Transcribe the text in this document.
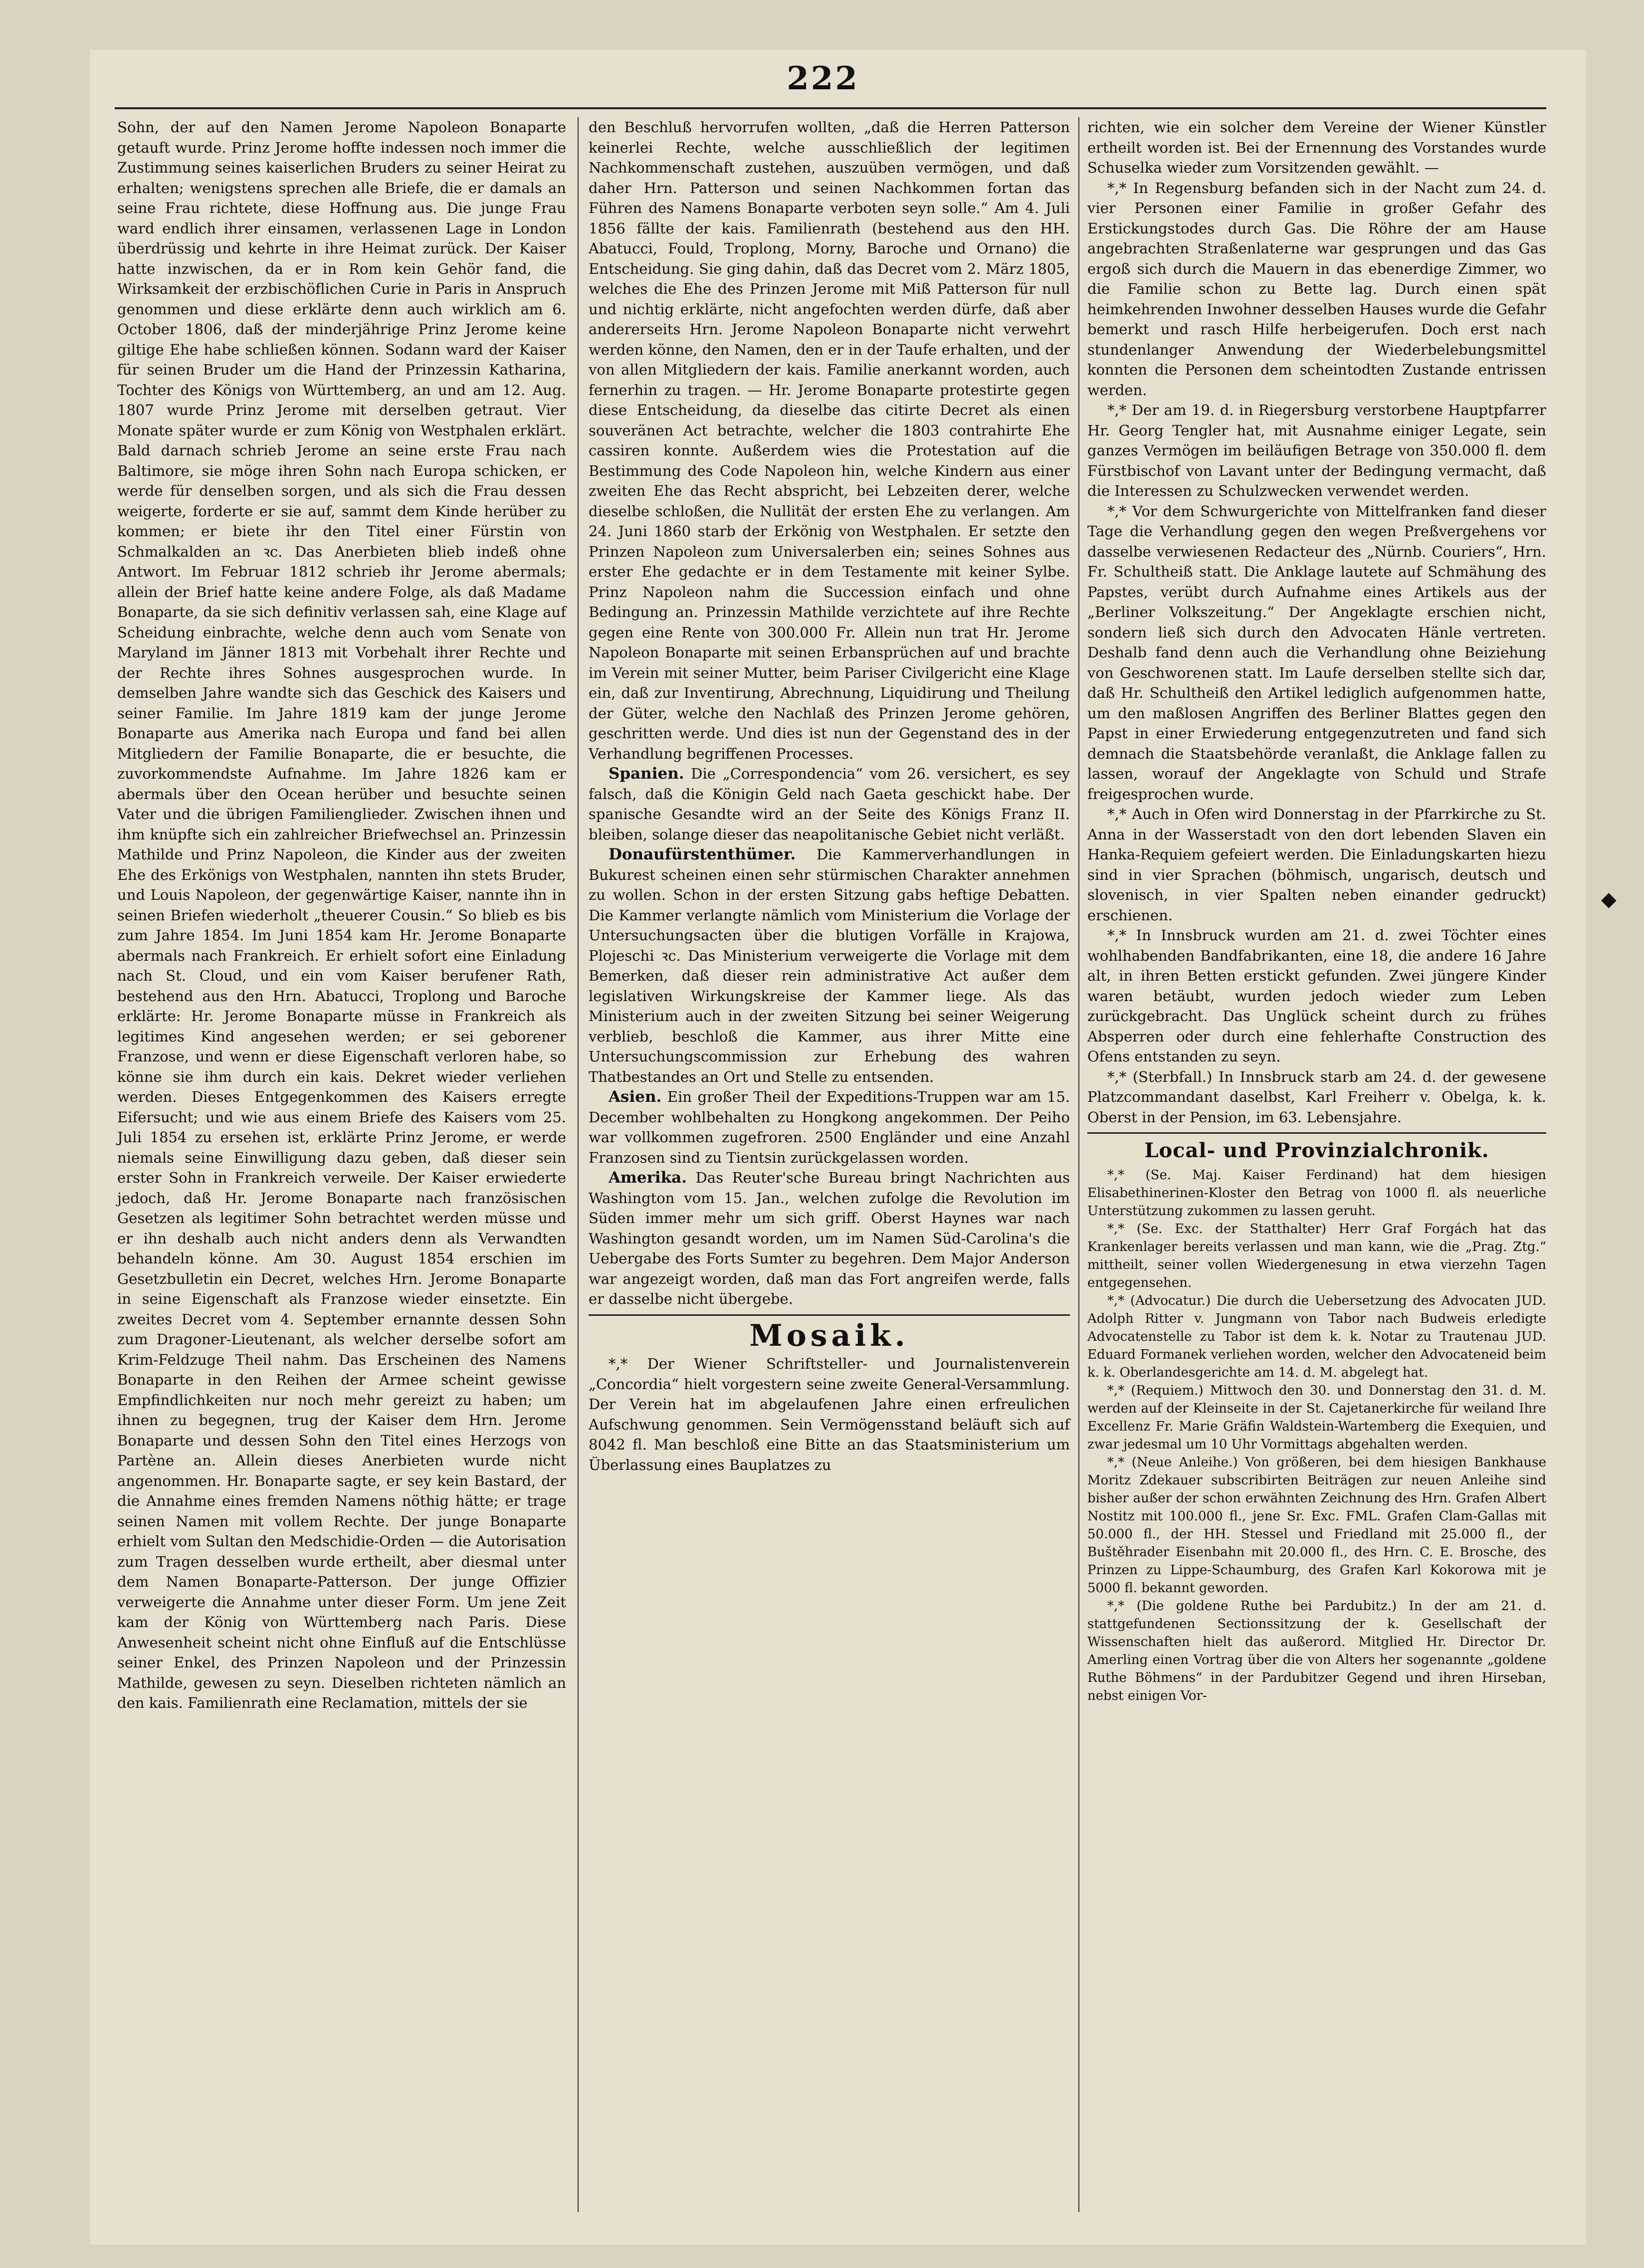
222

Sohn, der auf den Namen Jerome Napoleon Bonaparte getauft wurde. Prinz Jerome hoffte indessen noch immer die Zustimmung seines kaiserlichen Bruders zu seiner Heirat zu erhalten; wenigstens sprechen alle Briefe, die er damals an seine Frau richtete, diese Hoffnung aus. Die junge Frau ward endlich ihrer einsamen, verlassenen Lage in London überdrüssig und kehrte in ihre Heimat zurück. Der Kaiser hatte inzwischen, da er in Rom kein Gehör fand, die Wirksamkeit der erzbischöflichen Curie in Paris in Anspruch genommen und diese erklärte denn auch wirklich am 6. October 1806, daß der minderjährige Prinz Jerome keine giltige Ehe habe schließen können. Sodann ward der Kaiser für seinen Bruder um die Hand der Prinzessin Katharina, Tochter des Königs von Württemberg, an und am 12. Aug. 1807 wurde Prinz Jerome mit derselben getraut. Vier Monate später wurde er zum König von Westphalen erklärt. Bald darnach schrieb Jerome an seine erste Frau nach Baltimore, sie möge ihren Sohn nach Europa schicken, er werde für denselben sorgen, und als sich die Frau dessen weigerte, forderte er sie auf, sammt dem Kinde herüber zu kommen; er biete ihr den Titel einer Fürstin von Schmalkalden an ꝛc. Das Anerbieten blieb indeß ohne Antwort. Im Februar 1812 schrieb ihr Jerome abermals; allein der Brief hatte keine andere Folge, als daß Madame Bonaparte, da sie sich definitiv verlassen sah, eine Klage auf Scheidung einbrachte, welche denn auch vom Senate von Maryland im Jänner 1813 mit Vorbehalt ihrer Rechte und der Rechte ihres Sohnes ausgesprochen wurde. In demselben Jahre wandte sich das Geschick des Kaisers und seiner Familie. Im Jahre 1819 kam der junge Jerome Bonaparte aus Amerika nach Europa und fand bei allen Mitgliedern der Familie Bonaparte, die er besuchte, die zuvorkommendste Aufnahme. Im Jahre 1826 kam er abermals über den Ocean herüber und besuchte seinen Vater und die übrigen Familienglieder. Zwischen ihnen und ihm knüpfte sich ein zahlreicher Briefwechsel an. Prinzessin Mathilde und Prinz Napoleon, die Kinder aus der zweiten Ehe des Erkönigs von Westphalen, nannten ihn stets Bruder, und Louis Napoleon, der gegenwärtige Kaiser, nannte ihn in seinen Briefen wiederholt „theuerer Cousin.“ So blieb es bis zum Jahre 1854. Im Juni 1854 kam Hr. Jerome Bonaparte abermals nach Frankreich. Er erhielt sofort eine Einladung nach St. Cloud, und ein vom Kaiser berufener Rath, bestehend aus den Hrn. Abatucci, Troplong und Baroche erklärte: Hr. Jerome Bonaparte müsse in Frankreich als legitimes Kind angesehen werden; er sei geborener Franzose, und wenn er diese Eigenschaft verloren habe, so könne sie ihm durch ein kais. Dekret wieder verliehen werden. Dieses Entgegenkommen des Kaisers erregte Eifersucht; und wie aus einem Briefe des Kaisers vom 25. Juli 1854 zu ersehen ist, erklärte Prinz Jerome, er werde niemals seine Einwilligung dazu geben, daß dieser sein erster Sohn in Frankreich verweile. Der Kaiser erwiederte jedoch, daß Hr. Jerome Bonaparte nach französischen Gesetzen als legitimer Sohn betrachtet werden müsse und er ihn deshalb auch nicht anders denn als Verwandten behandeln könne. Am 30. August 1854 erschien im Gesetzbulletin ein Decret, welches Hrn. Jerome Bonaparte in seine Eigenschaft als Franzose wieder einsetzte. Ein zweites Decret vom 4. September ernannte dessen Sohn zum Dragoner-Lieutenant, als welcher derselbe sofort am Krim-Feldzuge Theil nahm. Das Erscheinen des Namens Bonaparte in den Reihen der Armee scheint gewisse Empfindlichkeiten nur noch mehr gereizt zu haben; um ihnen zu begegnen, trug der Kaiser dem Hrn. Jerome Bonaparte und dessen Sohn den Titel eines Herzogs von Partène an. Allein dieses Anerbieten wurde nicht angenommen. Hr. Bonaparte sagte, er sey kein Bastard, der die Annahme eines fremden Namens nöthig hätte; er trage seinen Namen mit vollem Rechte. Der junge Bonaparte erhielt vom Sultan den Medschidie-Orden — die Autorisation zum Tragen desselben wurde ertheilt, aber diesmal unter dem Namen Bonaparte-Patterson. Der junge Offizier verweigerte die Annahme unter dieser Form. Um jene Zeit kam der König von Württemberg nach Paris. Diese Anwesenheit scheint nicht ohne Einfluß auf die Entschlüsse seiner Enkel, des Prinzen Napoleon und der Prinzessin Mathilde, gewesen zu seyn. Dieselben richteten nämlich an den kais. Familienrath eine Reclamation, mittels der sie

den Beschluß hervorrufen wollten, „daß die Herren Patterson keinerlei Rechte, welche ausschließlich der legitimen Nachkommenschaft zustehen, auszuüben vermögen, und daß daher Hrn. Patterson und seinen Nachkommen fortan das Führen des Namens Bonaparte verboten seyn solle.“ Am 4. Juli 1856 fällte der kais. Familienrath (bestehend aus den HH. Abatucci, Fould, Troplong, Morny, Baroche und Ornano) die Entscheidung. Sie ging dahin, daß das Decret vom 2. März 1805, welches die Ehe des Prinzen Jerome mit Miß Patterson für null und nichtig erklärte, nicht angefochten werden dürfe, daß aber andererseits Hrn. Jerome Napoleon Bonaparte nicht verwehrt werden könne, den Namen, den er in der Taufe erhalten, und der von allen Mitgliedern der kais. Familie anerkannt worden, auch fernerhin zu tragen. — Hr. Jerome Bonaparte protestirte gegen diese Entscheidung, da dieselbe das citirte Decret als einen souveränen Act betrachte, welcher die 1803 contrahirte Ehe cassiren konnte. Außerdem wies die Protestation auf die Bestimmung des Code Napoleon hin, welche Kindern aus einer zweiten Ehe das Recht abspricht, bei Lebzeiten derer, welche dieselbe schloßen, die Nullität der ersten Ehe zu verlangen. Am 24. Juni 1860 starb der Erkönig von Westphalen. Er setzte den Prinzen Napoleon zum Universalerben ein; seines Sohnes aus erster Ehe gedachte er in dem Testamente mit keiner Sylbe. Prinz Napoleon nahm die Succession einfach und ohne Bedingung an. Prinzessin Mathilde verzichtete auf ihre Rechte gegen eine Rente von 300.000 Fr. Allein nun trat Hr. Jerome Napoleon Bonaparte mit seinen Erbansprüchen auf und brachte im Verein mit seiner Mutter, beim Pariser Civilgericht eine Klage ein, daß zur Inventirung, Abrechnung, Liquidirung und Theilung der Güter, welche den Nachlaß des Prinzen Jerome gehören, geschritten werde. Und dies ist nun der Gegenstand des in der Verhandlung begriffenen Processes.

Spanien. Die „Correspondencia“ vom 26. versichert, es sey falsch, daß die Königin Geld nach Gaeta geschickt habe. Der spanische Gesandte wird an der Seite des Königs Franz II. bleiben, solange dieser das neapolitanische Gebiet nicht verläßt.

Donaufürstenthümer. Die Kammerverhandlungen in Bukurest scheinen einen sehr stürmischen Charakter annehmen zu wollen. Schon in der ersten Sitzung gabs heftige Debatten. Die Kammer verlangte nämlich vom Ministerium die Vorlage der Untersuchungsacten über die blutigen Vorfälle in Krajowa, Plojeschi ꝛc. Das Ministerium verweigerte die Vorlage mit dem Bemerken, daß dieser rein administrative Act außer dem legislativen Wirkungskreise der Kammer liege. Als das Ministerium auch in der zweiten Sitzung bei seiner Weigerung verblieb, beschloß die Kammer, aus ihrer Mitte eine Untersuchungscommission zur Erhebung des wahren Thatbestandes an Ort und Stelle zu entsenden.

Asien. Ein großer Theil der Expeditions-Truppen war am 15. December wohlbehalten zu Hongkong angekommen. Der Peiho war vollkommen zugefroren. 2500 Engländer und eine Anzahl Franzosen sind zu Tientsin zurückgelassen worden.

Amerika. Das Reuter'sche Bureau bringt Nachrichten aus Washington vom 15. Jan., welchen zufolge die Revolution im Süden immer mehr um sich griff. Oberst Haynes war nach Washington gesandt worden, um im Namen Süd-Carolina's die Uebergabe des Forts Sumter zu begehren. Dem Major Anderson war angezeigt worden, daß man das Fort angreifen werde, falls er dasselbe nicht übergebe.

Mosaik.

*,* Der Wiener Schriftsteller- und Journalistenverein „Concordia“ hielt vorgestern seine zweite General-Versammlung. Der Verein hat im abgelaufenen Jahre einen erfreulichen Aufschwung genommen. Sein Vermögensstand beläuft sich auf 8042 fl. Man beschloß eine Bitte an das Staatsministerium um Überlassung eines Bauplatzes zu

richten, wie ein solcher dem Vereine der Wiener Künstler ertheilt worden ist. Bei der Ernennung des Vorstandes wurde Schuselka wieder zum Vorsitzenden gewählt. —

*,* In Regensburg befanden sich in der Nacht zum 24. d. vier Personen einer Familie in großer Gefahr des Erstickungstodes durch Gas. Die Röhre der am Hause angebrachten Straßenlaterne war gesprungen und das Gas ergoß sich durch die Mauern in das ebenerdige Zimmer, wo die Familie schon zu Bette lag. Durch einen spät heimkehrenden Inwohner desselben Hauses wurde die Gefahr bemerkt und rasch Hilfe herbeigerufen. Doch erst nach stundenlanger Anwendung der Wiederbelebungsmittel konnten die Personen dem scheintodten Zustande entrissen werden.

*,* Der am 19. d. in Riegersburg verstorbene Hauptpfarrer Hr. Georg Tengler hat, mit Ausnahme einiger Legate, sein ganzes Vermögen im beiläufigen Betrage von 350.000 fl. dem Fürstbischof von Lavant unter der Bedingung vermacht, daß die Interessen zu Schulzwecken verwendet werden.

*,* Vor dem Schwurgerichte von Mittelfranken fand dieser Tage die Verhandlung gegen den wegen Preßvergehens vor dasselbe verwiesenen Redacteur des „Nürnb. Couriers“, Hrn. Fr. Schultheiß statt. Die Anklage lautete auf Schmähung des Papstes, verübt durch Aufnahme eines Artikels aus der „Berliner Volkszeitung.“ Der Angeklagte erschien nicht, sondern ließ sich durch den Advocaten Hänle vertreten. Deshalb fand denn auch die Verhandlung ohne Beiziehung von Geschworenen statt. Im Laufe derselben stellte sich dar, daß Hr. Schultheiß den Artikel lediglich aufgenommen hatte, um den maßlosen Angriffen des Berliner Blattes gegen den Papst in einer Erwiederung entgegenzutreten und fand sich demnach die Staatsbehörde veranlaßt, die Anklage fallen zu lassen, worauf der Angeklagte von Schuld und Strafe freigesprochen wurde.

*,* Auch in Ofen wird Donnerstag in der Pfarrkirche zu St. Anna in der Wasserstadt von den dort lebenden Slaven ein Hanka-Requiem gefeiert werden. Die Einladungskarten hiezu sind in vier Sprachen (böhmisch, ungarisch, deutsch und slovenisch, in vier Spalten neben einander gedruckt) erschienen.

*,* In Innsbruck wurden am 21. d. zwei Töchter eines wohlhabenden Bandfabrikanten, eine 18, die andere 16 Jahre alt, in ihren Betten erstickt gefunden. Zwei jüngere Kinder waren betäubt, wurden jedoch wieder zum Leben zurückgebracht. Das Unglück scheint durch zu frühes Absperren oder durch eine fehlerhafte Construction des Ofens entstanden zu seyn.

*,* (Sterbfall.) In Innsbruck starb am 24. d. der gewesene Platzcommandant daselbst, Karl Freiherr v. Obelga, k. k. Oberst in der Pension, im 63. Lebensjahre.

Local- und Provinzialchronik.

*,* (Se. Maj. Kaiser Ferdinand) hat dem hiesigen Elisabethinerinen-Kloster den Betrag von 1000 fl. als neuerliche Unterstützung zukommen zu lassen geruht.

*,* (Se. Exc. der Statthalter) Herr Graf Forgách hat das Krankenlager bereits verlassen und man kann, wie die „Prag. Ztg.“ mittheilt, seiner vollen Wiedergenesung in etwa vierzehn Tagen entgegensehen.

*,* (Advocatur.) Die durch die Uebersetzung des Advocaten JUD. Adolph Ritter v. Jungmann von Tabor nach Budweis erledigte Advocatenstelle zu Tabor ist dem k. k. Notar zu Trautenau JUD. Eduard Formanek verliehen worden, welcher den Advocateneid beim k. k. Oberlandesgerichte am 14. d. M. abgelegt hat.

*,* (Requiem.) Mittwoch den 30. und Donnerstag den 31. d. M. werden auf der Kleinseite in der St. Cajetanerkirche für weiland Ihre Excellenz Fr. Marie Gräfin Waldstein-Wartemberg die Exequien, und zwar jedesmal um 10 Uhr Vormittags abgehalten werden.

*,* (Neue Anleihe.) Von größeren, bei dem hiesigen Bankhause Moritz Zdekauer subscribirten Beiträgen zur neuen Anleihe sind bisher außer der schon erwähnten Zeichnung des Hrn. Grafen Albert Nostitz mit 100.000 fl., jene Sr. Exc. FML. Grafen Clam-Gallas mit 50.000 fl., der HH. Stessel und Friedland mit 25.000 fl., der Buštěhrader Eisenbahn mit 20.000 fl., des Hrn. C. E. Brosche, des Prinzen zu Lippe-Schaumburg, des Grafen Karl Kokorowa mit je 5000 fl. bekannt geworden.

*,* (Die goldene Ruthe bei Pardubitz.) In der am 21. d. stattgefundenen Sectionssitzung der k. Gesellschaft der Wissenschaften hielt das außerord. Mitglied Hr. Director Dr. Amerling einen Vortrag über die von Alters her sogenannte „goldene Ruthe Böhmens“ in der Pardubitzer Gegend und ihren Hirseban, nebst einigen Vor-

◆
